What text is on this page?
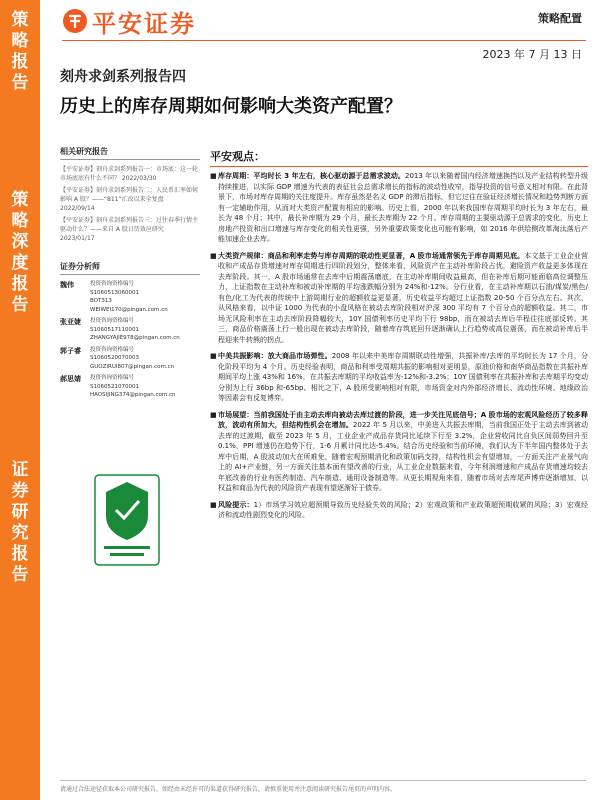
策
略
报
告
策
略
深
度
报
告
证
券
研
究
报
告
平安证券	策略配置
2023 年 7 月 13 日
刻舟求剑系列报告四
历史上的库存周期如何影响大类资产配置？
相关研究报告
【平安证券】刻舟求剑系列报告一：市场底：这一轮市场底底有什么不同？ 2022/03/30
【平安证券】刻舟求剑系列报告二：人民币汇率如何影响 A 股？——“811”汇改以来全复盘 2022/09/14
【平安证券】刻舟求剑系列报告三：过往春季行情主驱动什么？——来自 A 股日历效应研究 2023/01/17
证券分析师
魏伟	投资咨询资格编号
S1060513060001
BOT313
WEIWEI170@pingan.com.cn
张亚婕	投资咨询资格编号
S1060517110001
ZHANGYAJIE978@pingan.com.cn
郭子睿	投资咨询资格编号
S1060520070003
GUOZIRUI807@pingan.com.cn
郝思婧	投资咨询资格编号
S1060521070001
HAOSIJING374@pingan.com.cn
平安观点：
■ 库存周期：平均时长 3 年左右，核心驱动源于总需求波动。2013 年以来随着国内经济增速换挡以及产业结构转型升级持续推进，以实际 GDP 增速为代表的表征社会总需求增长的指标的波动性收窄，指导投资的信号意义相对有限。在此背景下，市场对库存周期的关注度提升。库存虽然是名义 GDP 的滞后指标，但它过往在验证经济增长情况和趋势判断方面有一定辅助作用，从而对大类资产配置有相应的影响。历史上看，2000 年以来我国库存周期平均时长为 3 年左右，最长为 48 个月；其中，最长补库期为 29 个月，最长去库期为 22 个月。库存周期的主要驱动源于总需求的变化，历史上房地产投资和出口增速与库存变化的相关性更强，另外重要政策变化也可能有影响，如 2016 年供给侧改革淘汰落后产能加速企业去库。
■ 大类资产规律：商品和利率走势与库存周期的联动性更显著，A 股市场通常领先于库存周期见底。本文基于工业企业营收和产成品存货增速对库存周期进行四阶段划分，整体来看，风险资产在主动补库阶段占优，避险资产收益更多体现在去库阶段。其一，A 股市场通常在去库中后期震荡磨底，在主动补库期间收益最高，但在补库后期可能面临高位调整压力，上证指数在主动补库和被动补库期的平均涨跌幅分别为 24%和-12%。分行业看，在主动补库期以石油/煤炭/黑色/有色/化工为代表的传统中上游周期行业的超额收益更显著，历史收益平均超过上证指数 20-50 个百分点左右。其次，从风格来看，以中证 1000 为代表的小盘风格在被动去库阶段相对沪深 300 平均有 7 个百分点的超额收益。其二，市场无风险利率在主动去库阶段降幅较大，10Y 国债利率历史平均下行 98bp，而在被动去库后半程往往底部反转。其三，商品价格震荡上行一般出现在被动去库阶段，随着库存筑底回升逐渐确认上行趋势或高位震荡，而在被动补库后半程迎来牛转熊的拐点。
■ 中美共振影响：放大商品市场弹性。2008 年以来中美库存周期联动性增强，共振补库/去库的平均时长为 17 个月，分化阶段平均为 4 个月。历史经验表明，商品和利率受周期共振的影响相对更明显，原油价格和南华商品指数在共振补库期间平均上涨 43%和 16%，在共振去库期的平均收益率为-12%和-3.2%；10Y 国债利率在共振补库和去库期平均变动分别为上行 36bp 和-65bp。相比之下，A 股所受影响相对有限，市场资金对内外部经济增长、流动性环境、地缘政治等因素会有反复博弈。
■ 市场展望：当前我国处于由主动去库向被动去库过渡的阶段，进一步关注见底信号；A 股市场的宏观风险经历了较多释放，波动有所加大，但结构性机会在增加。2022 年 5 月以来，中美进入共振去库期，当前我国正处于主动去库到被动去库的过渡期，截至 2023 年 5 月，工业企业产成品存货同比延续下行至 3.2%，企业营收同比自负区间弱势回升至 0.1%，PPI 增速仍在趋势下行，1-6 月累计同比达-5.4%。结合历史经验和当前环境，我们认为下半年国内整体处于去库中后期，A 股波动加大在所难免，随着宏观预期消化和政策加码支持，结构性机会有望增加，一方面关注产业景气向上的 AI+产业链，另一方面关注基本面有望改善的行业，从工业企业数据来看，今年利润增速和产成品存货增速均较去年底改善的行业有医药制造、汽车制造、通用设备制造等。从更长期视角来看，随着市场对去库尾声博弈逐渐增加，以权益和商品为代表的风险资产表现有望逐渐好于债券。
■ 风险提示：1）市场学习效应超预期导致历史经验失效的风险；2）宏观政策和产业政策超预期收紧的风险；3）宏观经济和流动性剧烈变化的风险。
请通过合法途径获取本公司研究报告，如经由未经许可的渠道获得研究报告，请慎重使用并注意阅读研究报告尾页的声明内容。
